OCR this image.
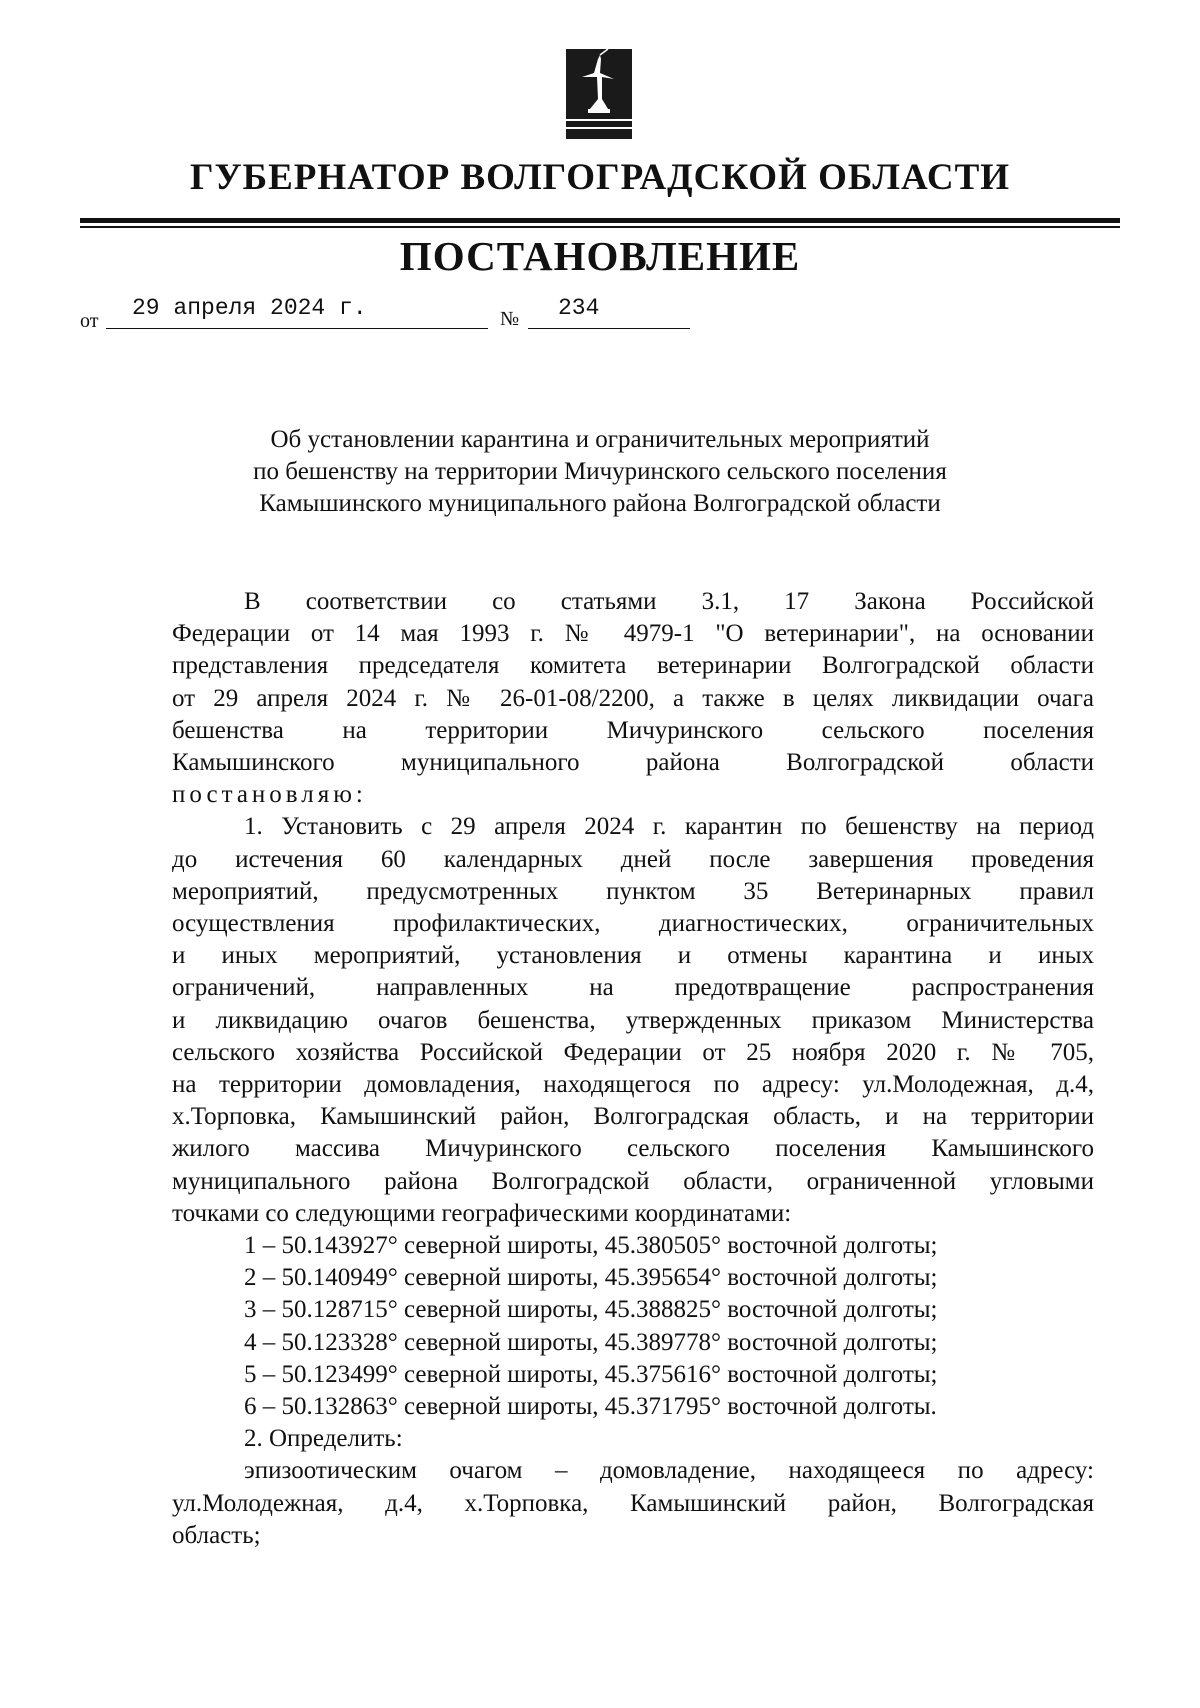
ГУБЕРНАТОР ВОЛГОГРАДСКОЙ ОБЛАСТИ
ПОСТАНОВЛЕНИЕ
от 29 апреля 2024 г.	№ 234
Об установлении карантина и ограничительных мероприятий
по бешенству на территории Мичуринского сельского поселения
Камышинского муниципального района Волгоградской области
В соответствии со статьями 3.1, 17 Закона Российской
Федерации от 14 мая 1993 г. № 4979-1 "О ветеринарии", на основании
представления председателя комитета ветеринарии Волгоградской области
от 29 апреля 2024 г. № 26-01-08/2200, а также в целях ликвидации очага
бешенства на территории Мичуринского сельского поселения
Камышинского муниципального района Волгоградской области
постановляю:
1. Установить с 29 апреля 2024 г. карантин по бешенству на период
до истечения 60 календарных дней после завершения проведения
мероприятий, предусмотренных пунктом 35 Ветеринарных правил
осуществления профилактических, диагностических, ограничительных
и иных мероприятий, установления и отмены карантина и иных
ограничений, направленных на предотвращение распространения
и ликвидацию очагов бешенства, утвержденных приказом Министерства
сельского хозяйства Российской Федерации от 25 ноября 2020 г. № 705,
на территории домовладения, находящегося по адресу: ул.Молодежная, д.4,
х.Торповка, Камышинский район, Волгоградская область, и на территории
жилого массива Мичуринского сельского поселения Камышинского
муниципального района Волгоградской области, ограниченной угловыми
точками со следующими географическими координатами:
1 – 50.143927° северной широты, 45.380505° восточной долготы;
2 – 50.140949° северной широты, 45.395654° восточной долготы;
3 – 50.128715° северной широты, 45.388825° восточной долготы;
4 – 50.123328° северной широты, 45.389778° восточной долготы;
5 – 50.123499° северной широты, 45.375616° восточной долготы;
6 – 50.132863° северной широты, 45.371795° восточной долготы.
2. Определить:
эпизоотическим очагом – домовладение, находящееся по адресу:
ул.Молодежная, д.4, х.Торповка, Камышинский район, Волгоградская
область;
